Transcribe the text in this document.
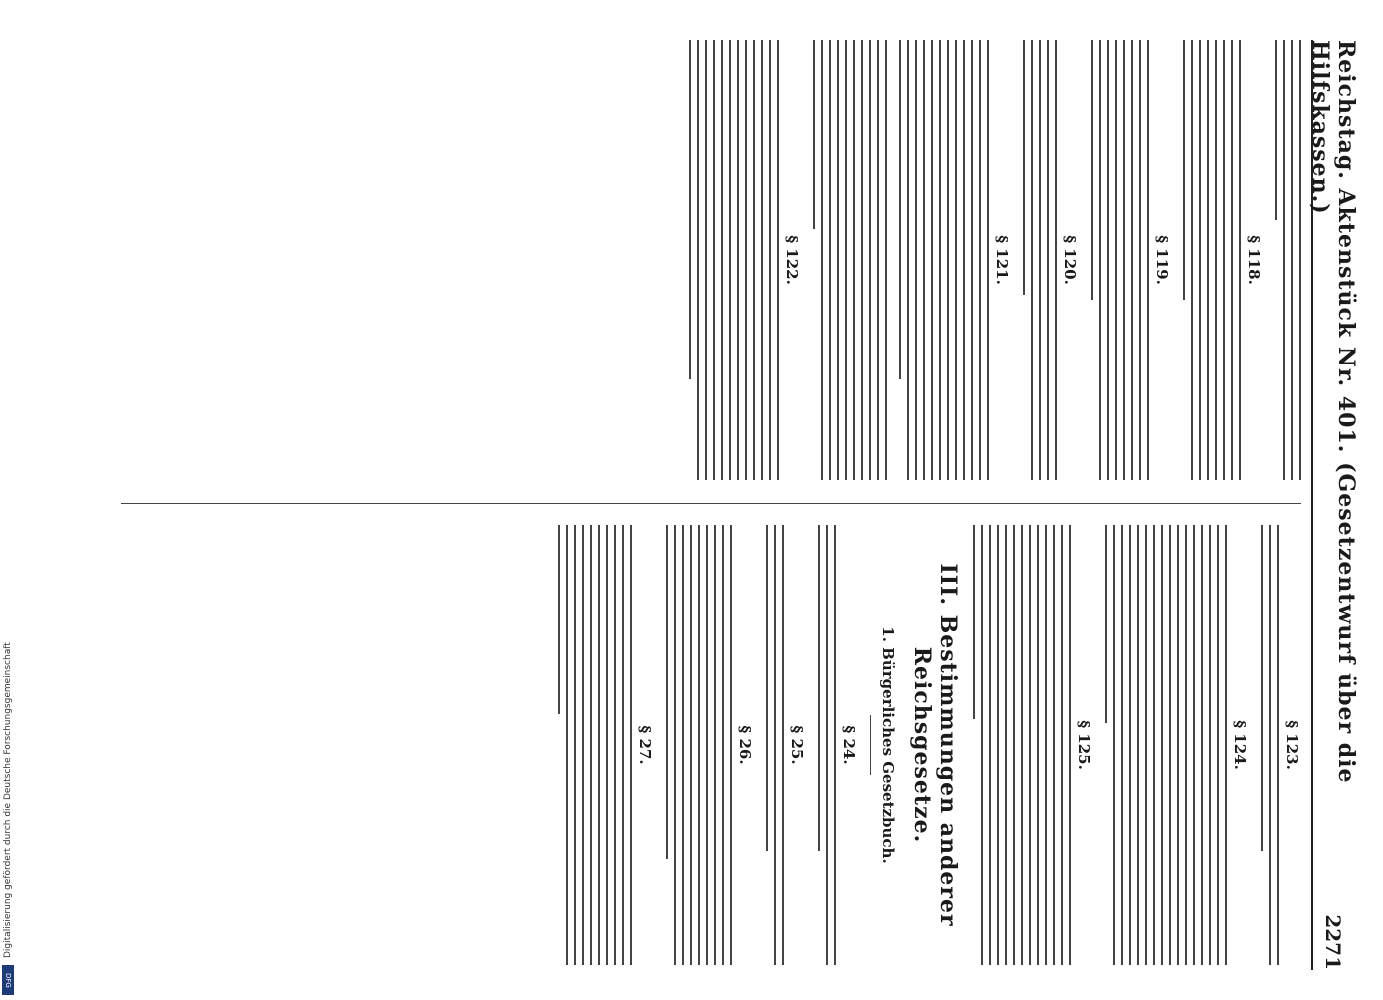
Digitalisierung gefördert durch die Deutsche Forschungsgemeinschaft
DFG
Reichstag. Aktenstück Nr. 401. (Gesetzentwurf über die Hilfskassen.)
2271
§ 118.
§ 119.
§ 120.
§ 121.
§ 122.
§ 123.
§ 124.
§ 125.
III. Bestimmungen anderer Reichsgesetze.
1. Bürgerliches Gesetzbuch.
§ 24.
§ 25.
§ 26.
§ 27.
